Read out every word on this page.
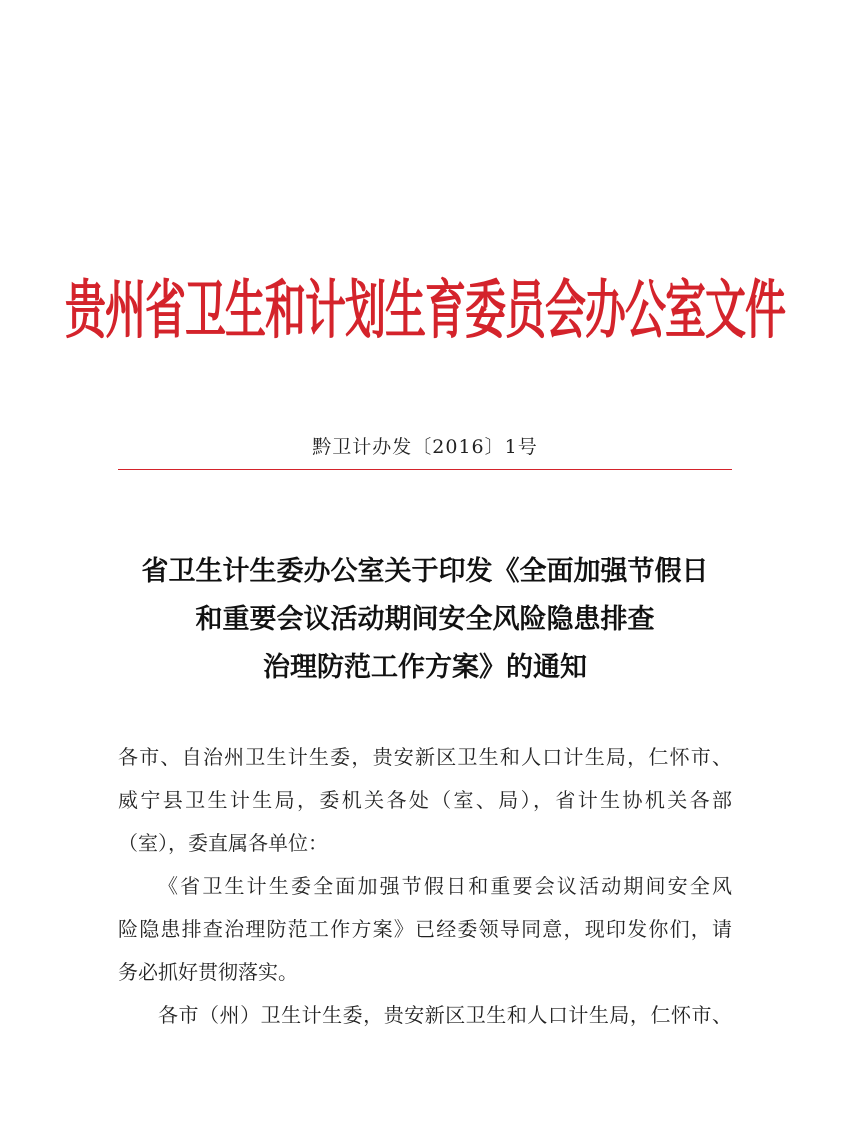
贵州省卫生和计划生育委员会办公室文件
黔卫计办发〔2016〕1号
省卫生计生委办公室关于印发《全面加强节假日
和重要会议活动期间安全风险隐患排查
治理防范工作方案》的通知
各市、自治州卫生计生委，贵安新区卫生和人口计生局，仁怀市、
威宁县卫生计生局，委机关各处（室、局），省计生协机关各部
（室），委直属各单位：
《省卫生计生委全面加强节假日和重要会议活动期间安全风
险隐患排查治理防范工作方案》已经委领导同意，现印发你们，请
务必抓好贯彻落实。
各市（州）卫生计生委，贵安新区卫生和人口计生局，仁怀市、
